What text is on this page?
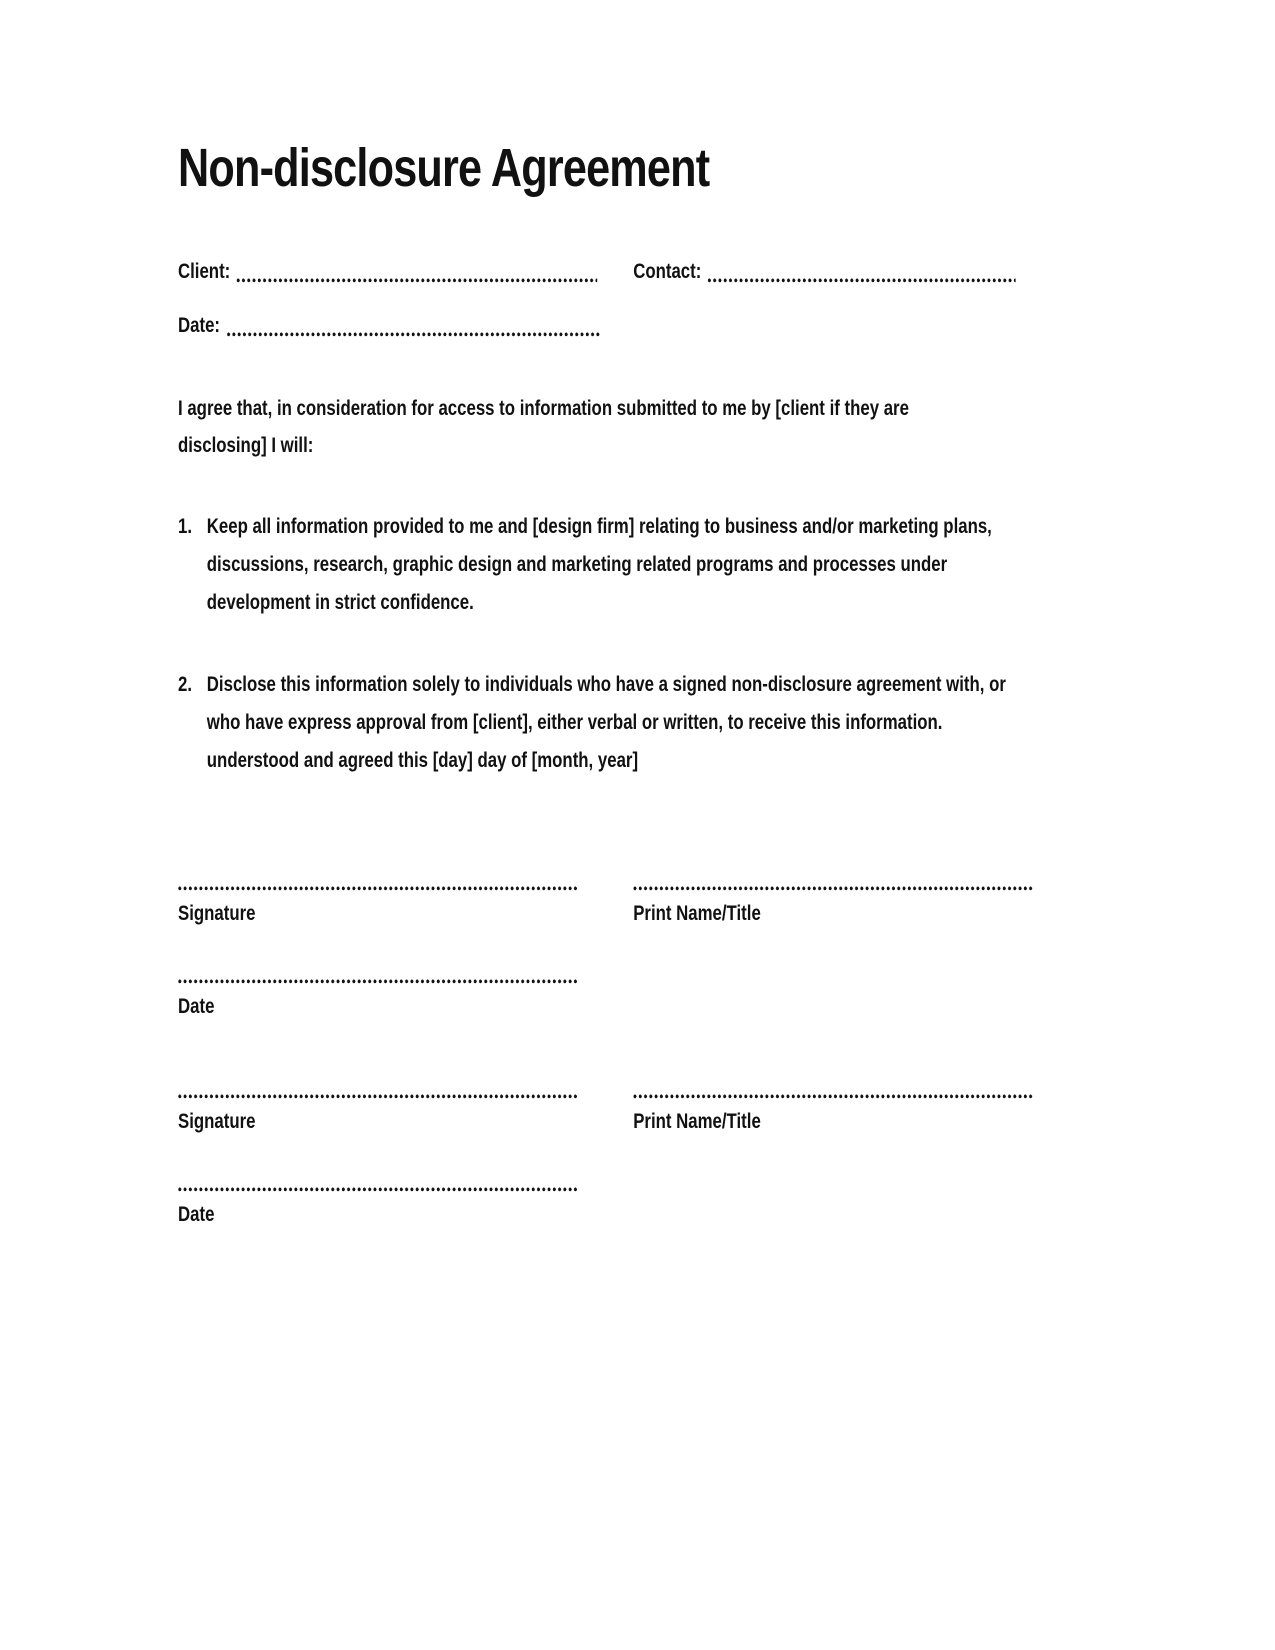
Non-disclosure Agreement
Client:	Contact:
Date:

I agree that, in consideration for access to information submitted to me by [client if they are disclosing] I will:

1. Keep all information provided to me and [design firm] relating to business and/or marketing plans, discussions, research, graphic design and marketing related programs and processes under development in strict confidence.
2. Disclose this information solely to individuals who have a signed non-disclosure agreement with, or who have express approval from [client], either verbal or written, to receive this information. understood and agreed this [day] day of [month, year]
Signature	Print Name/Title
Date
Signature	Print Name/Title
Date
